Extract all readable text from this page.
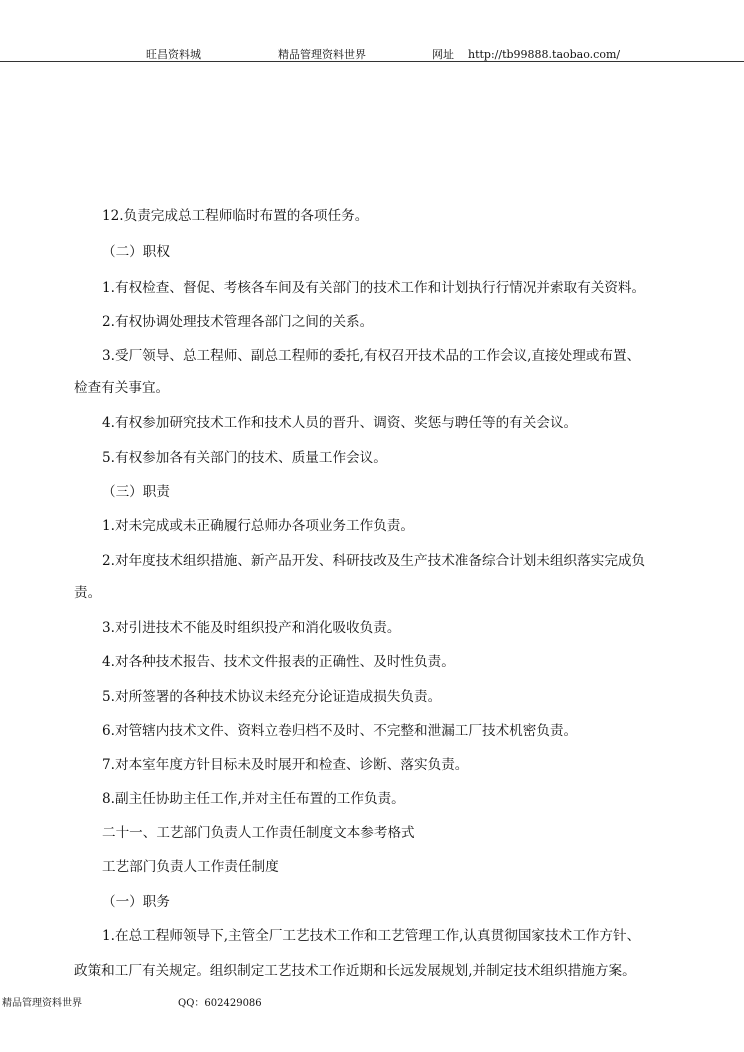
旺昌资料城	精品管理资料世界	网址 http://tb99888.taobao.com/
12.负责完成总工程师临时布置的各项任务。
（二）职权
1.有权检查、督促、考核各车间及有关部门的技术工作和计划执行行情况并索取有关资料。
2.有权协调处理技术管理各部门之间的关系。
3.受厂领导、总工程师、副总工程师的委托,有权召开技术品的工作会议,直接处理或布置、
检查有关事宜。
4.有权参加研究技术工作和技术人员的晋升、调资、奖惩与聘任等的有关会议。
5.有权参加各有关部门的技术、质量工作会议。
（三）职责
1.对未完成或未正确履行总师办各项业务工作负责。
2.对年度技术组织措施、新产品开发、科研技改及生产技术准备综合计划未组织落实完成负
责。
3.对引进技术不能及时组织投产和消化吸收负责。
4.对各种技术报告、技术文件报表的正确性、及时性负责。
5.对所签署的各种技术协议未经充分论证造成损失负责。
6.对管辖内技术文件、资料立卷归档不及时、不完整和泄漏工厂技术机密负责。
7.对本室年度方针目标未及时展开和检查、诊断、落实负责。
8.副主任协助主任工作,并对主任布置的工作负责。
二十一、工艺部门负责人工作责任制度文本参考格式
工艺部门负责人工作责任制度
（一）职务
1.在总工程师领导下,主管全厂工艺技术工作和工艺管理工作,认真贯彻国家技术工作方针、
政策和工厂有关规定。组织制定工艺技术工作近期和长远发展规划,并制定技术组织措施方案。
精品管理资料世界	QQ：602429086
